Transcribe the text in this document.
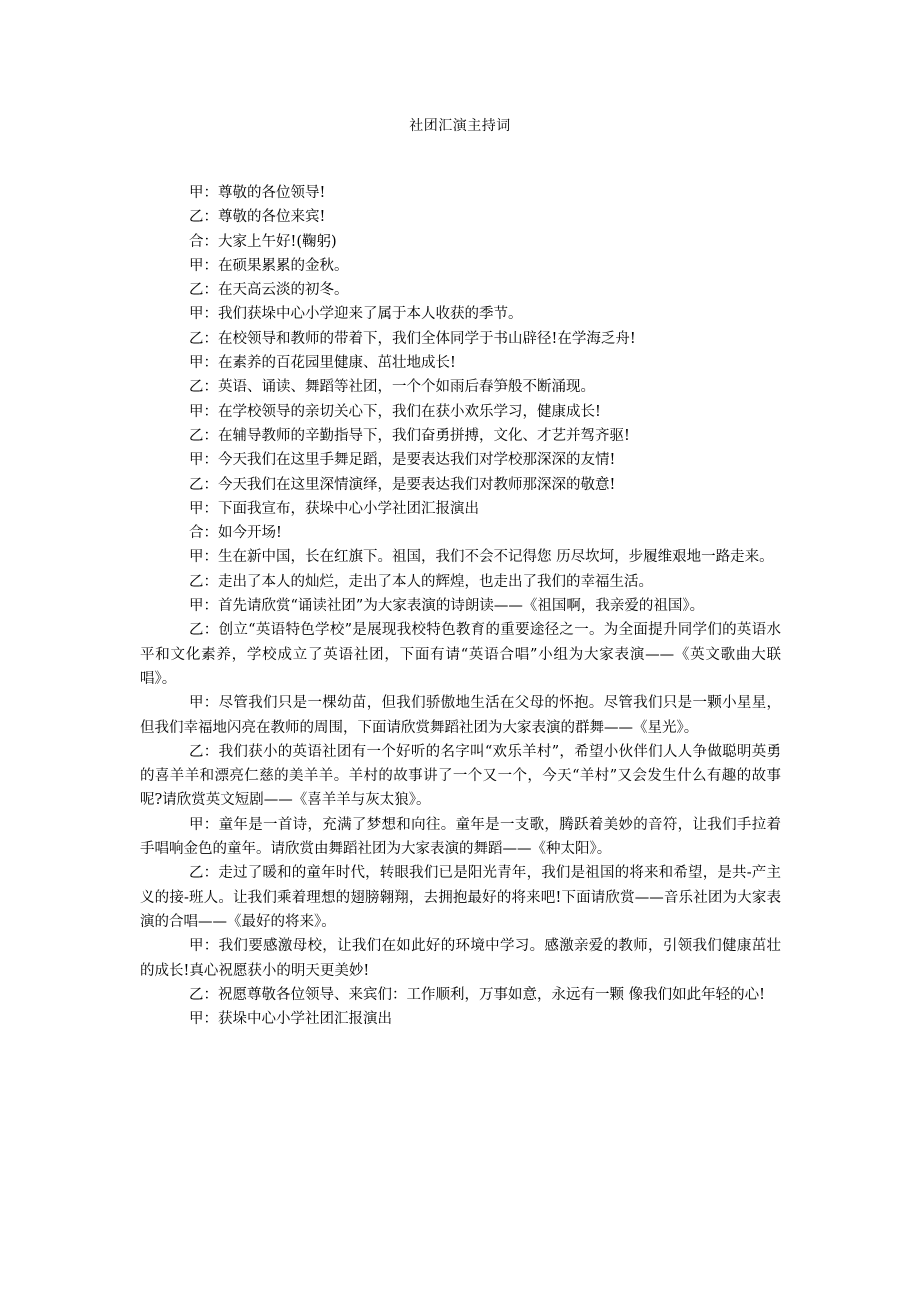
社团汇演主持词

甲：尊敬的各位领导!

乙：尊敬的各位来宾!

合：大家上午好!(鞠躬)

甲：在硕果累累的金秋。

乙：在天高云淡的初冬。

甲：我们获垛中心小学迎来了属于本人收获的季节。

乙：在校领导和教师的带着下，我们全体同学于书山辟径!在学海乏舟!

甲：在素养的百花园里健康、茁壮地成长!

乙：英语、诵读、舞蹈等社团，一个个如雨后春笋般不断涌现。

甲：在学校领导的亲切关心下，我们在获小欢乐学习，健康成长!

乙：在辅导教师的辛勤指导下，我们奋勇拼搏，文化、才艺并驾齐驱!

甲：今天我们在这里手舞足蹈，是要表达我们对学校那深深的友情!

乙：今天我们在这里深情演绎，是要表达我们对教师那深深的敬意!

甲：下面我宣布，获垛中心小学社团汇报演出

合：如今开场!

甲：生在新中国，长在红旗下。祖国，我们不会不记得您 历尽坎坷，步履维艰地一路走来。

乙：走出了本人的灿烂，走出了本人的辉煌，也走出了我们的幸福生活。

甲：首先请欣赏“诵读社团”为大家表演的诗朗读——《祖国啊，我亲爱的祖国》。

乙：创立“英语特色学校”是展现我校特色教育的重要途径之一。为全面提升同学们的英语水平和文化素养，学校成立了英语社团，下面有请“英语合唱”小组为大家表演——《英文歌曲大联唱》。

甲：尽管我们只是一棵幼苗，但我们骄傲地生活在父母的怀抱。尽管我们只是一颗小星星，但我们幸福地闪亮在教师的周围，下面请欣赏舞蹈社团为大家表演的群舞——《星光》。

乙：我们获小的英语社团有一个好听的名字叫“欢乐羊村”，希望小伙伴们人人争做聪明英勇的喜羊羊和漂亮仁慈的美羊羊。羊村的故事讲了一个又一个，今天“羊村”又会发生什么有趣的故事呢?请欣赏英文短剧——《喜羊羊与灰太狼》。

甲：童年是一首诗，充满了梦想和向往。童年是一支歌，腾跃着美妙的音符，让我们手拉着手唱响金色的童年。请欣赏由舞蹈社团为大家表演的舞蹈——《种太阳》。

乙：走过了暖和的童年时代，转眼我们已是阳光青年，我们是祖国的将来和希望，是共-产主义的接-班人。让我们乘着理想的翅膀翱翔，去拥抱最好的将来吧!下面请欣赏——音乐社团为大家表演的合唱——《最好的将来》。

甲：我们要感激母校，让我们在如此好的环境中学习。感激亲爱的教师，引领我们健康茁壮的成长!真心祝愿获小的明天更美妙!

乙：祝愿尊敬各位领导、来宾们：工作顺利，万事如意，永远有一颗 像我们如此年轻的心!

甲：获垛中心小学社团汇报演出
